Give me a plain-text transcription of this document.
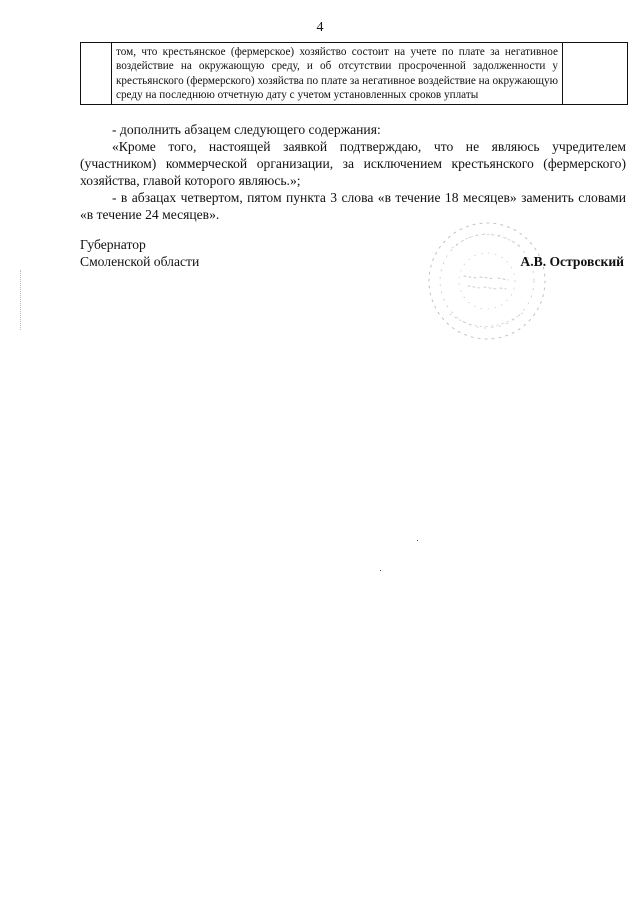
4

том, что крестьянское (фермерское) хозяйство состоит на учете по плате за негативное воздействие на окружающую среду, и об отсутствии просроченной задолженности у крестьянского (фермерского) хозяйства по плате за негативное воздействие на окружающую среду на последнюю отчетную дату с учетом установленных сроков уплаты

- дополнить абзацем следующего содержания:

«Кроме того, настоящей заявкой подтверждаю, что не являюсь учредителем (участником) коммерческой организации, за исключением крестьянского (фермерского) хозяйства, главой которого являюсь.»;

- в абзацах четвертом, пятом пункта 3 слова «в течение 18 месяцев» заменить словами «в течение 24 месяцев».

Губернатор

Смоленской области	А.В. Островский
